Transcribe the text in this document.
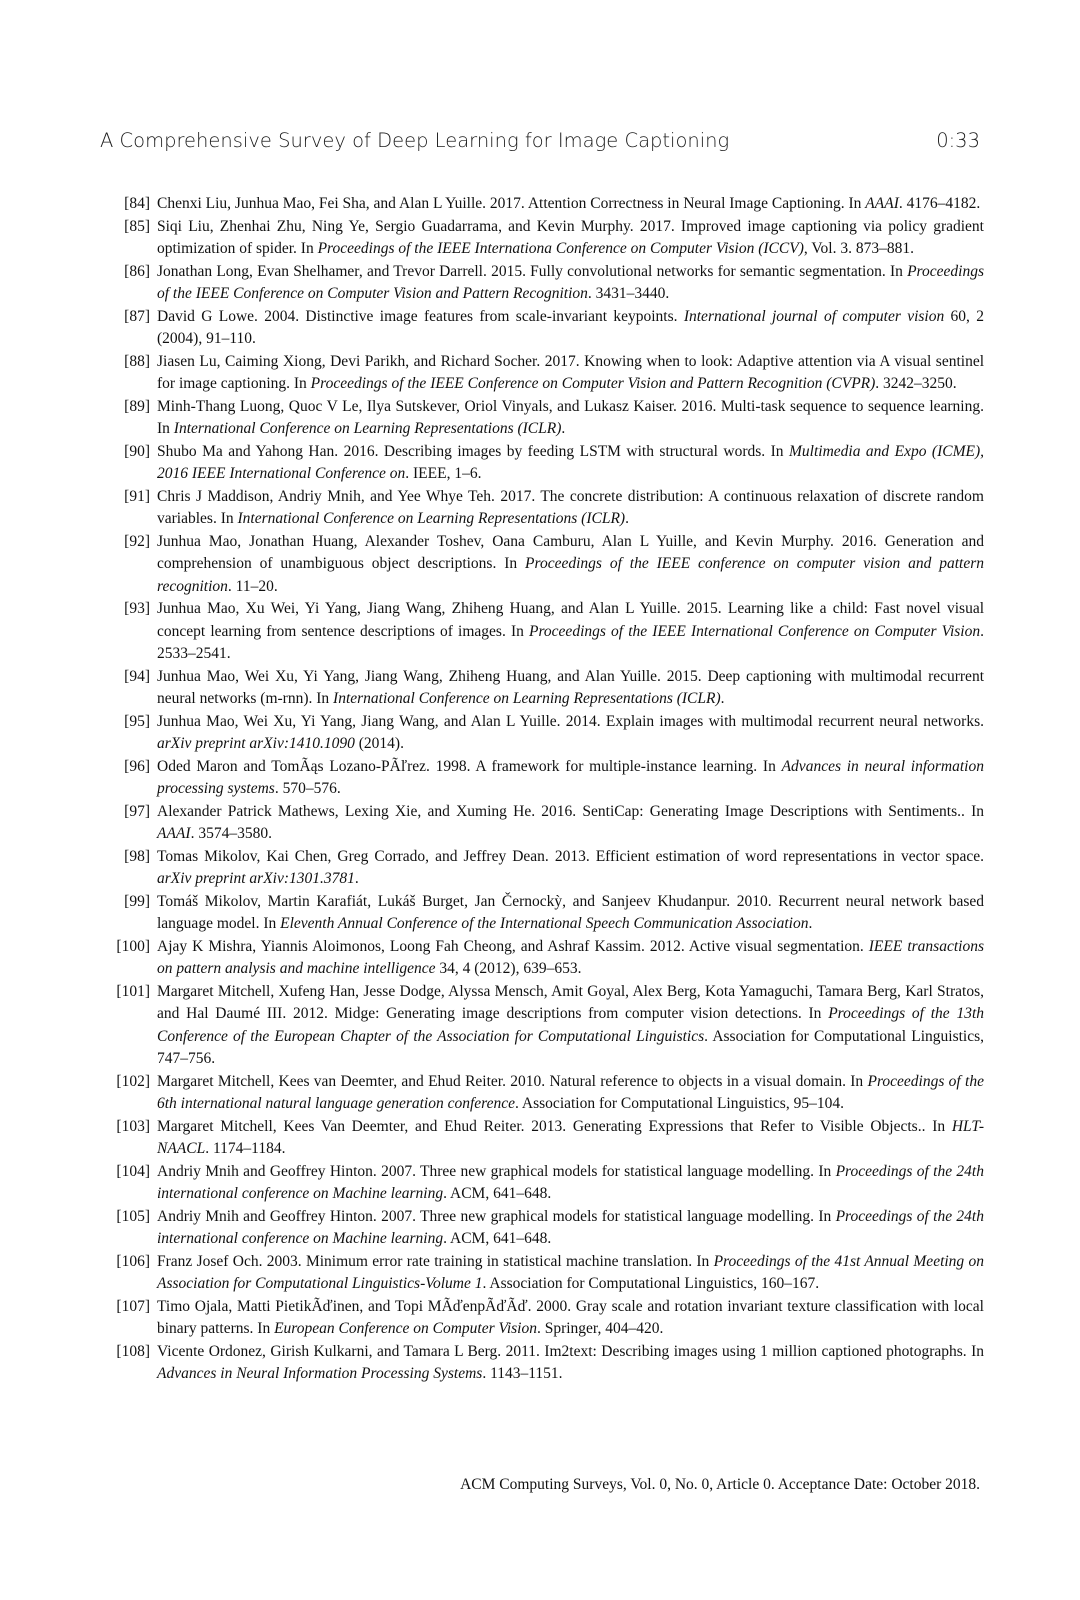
A Comprehensive Survey of Deep Learning for Image Captioning	0:33
[84] Chenxi Liu, Junhua Mao, Fei Sha, and Alan L Yuille. 2017. Attention Correctness in Neural Image Captioning. In AAAI. 4176–4182.
[85] Siqi Liu, Zhenhai Zhu, Ning Ye, Sergio Guadarrama, and Kevin Murphy. 2017. Improved image captioning via policy gradient optimization of spider. In Proceedings of the IEEE Internationa Conference on Computer Vision (ICCV), Vol. 3. 873–881.
[86] Jonathan Long, Evan Shelhamer, and Trevor Darrell. 2015. Fully convolutional networks for semantic segmentation. In Proceedings of the IEEE Conference on Computer Vision and Pattern Recognition. 3431–3440.
[87] David G Lowe. 2004. Distinctive image features from scale-invariant keypoints. International journal of computer vision 60, 2 (2004), 91–110.
[88] Jiasen Lu, Caiming Xiong, Devi Parikh, and Richard Socher. 2017. Knowing when to look: Adaptive attention via A visual sentinel for image captioning. In Proceedings of the IEEE Conference on Computer Vision and Pattern Recognition (CVPR). 3242–3250.
[89] Minh-Thang Luong, Quoc V Le, Ilya Sutskever, Oriol Vinyals, and Lukasz Kaiser. 2016. Multi-task sequence to sequence learning. In International Conference on Learning Representations (ICLR).
[90] Shubo Ma and Yahong Han. 2016. Describing images by feeding LSTM with structural words. In Multimedia and Expo (ICME), 2016 IEEE International Conference on. IEEE, 1–6.
[91] Chris J Maddison, Andriy Mnih, and Yee Whye Teh. 2017. The concrete distribution: A continuous relaxation of discrete random variables. In International Conference on Learning Representations (ICLR).
[92] Junhua Mao, Jonathan Huang, Alexander Toshev, Oana Camburu, Alan L Yuille, and Kevin Murphy. 2016. Generation and comprehension of unambiguous object descriptions. In Proceedings of the IEEE conference on computer vision and pattern recognition. 11–20.
[93] Junhua Mao, Xu Wei, Yi Yang, Jiang Wang, Zhiheng Huang, and Alan L Yuille. 2015. Learning like a child: Fast novel visual concept learning from sentence descriptions of images. In Proceedings of the IEEE International Conference on Computer Vision. 2533–2541.
[94] Junhua Mao, Wei Xu, Yi Yang, Jiang Wang, Zhiheng Huang, and Alan Yuille. 2015. Deep captioning with multimodal recurrent neural networks (m-rnn). In International Conference on Learning Representations (ICLR).
[95] Junhua Mao, Wei Xu, Yi Yang, Jiang Wang, and Alan L Yuille. 2014. Explain images with multimodal recurrent neural networks. arXiv preprint arXiv:1410.1090 (2014).
[96] Oded Maron and TomÃąs Lozano-PÃľrez. 1998. A framework for multiple-instance learning. In Advances in neural information processing systems. 570–576.
[97] Alexander Patrick Mathews, Lexing Xie, and Xuming He. 2016. SentiCap: Generating Image Descriptions with Sentiments.. In AAAI. 3574–3580.
[98] Tomas Mikolov, Kai Chen, Greg Corrado, and Jeffrey Dean. 2013. Efficient estimation of word representations in vector space. arXiv preprint arXiv:1301.3781.
[99] Tomáš Mikolov, Martin Karafiát, Lukáš Burget, Jan Černockỳ, and Sanjeev Khudanpur. 2010. Recurrent neural network based language model. In Eleventh Annual Conference of the International Speech Communication Association.
[100] Ajay K Mishra, Yiannis Aloimonos, Loong Fah Cheong, and Ashraf Kassim. 2012. Active visual segmentation. IEEE transactions on pattern analysis and machine intelligence 34, 4 (2012), 639–653.
[101] Margaret Mitchell, Xufeng Han, Jesse Dodge, Alyssa Mensch, Amit Goyal, Alex Berg, Kota Yamaguchi, Tamara Berg, Karl Stratos, and Hal Daumé III. 2012. Midge: Generating image descriptions from computer vision detections. In Proceedings of the 13th Conference of the European Chapter of the Association for Computational Linguistics. Association for Computational Linguistics, 747–756.
[102] Margaret Mitchell, Kees van Deemter, and Ehud Reiter. 2010. Natural reference to objects in a visual domain. In Proceedings of the 6th international natural language generation conference. Association for Computational Linguistics, 95–104.
[103] Margaret Mitchell, Kees Van Deemter, and Ehud Reiter. 2013. Generating Expressions that Refer to Visible Objects.. In HLT-NAACL. 1174–1184.
[104] Andriy Mnih and Geoffrey Hinton. 2007. Three new graphical models for statistical language modelling. In Proceedings of the 24th international conference on Machine learning. ACM, 641–648.
[105] Andriy Mnih and Geoffrey Hinton. 2007. Three new graphical models for statistical language modelling. In Proceedings of the 24th international conference on Machine learning. ACM, 641–648.
[106] Franz Josef Och. 2003. Minimum error rate training in statistical machine translation. In Proceedings of the 41st Annual Meeting on Association for Computational Linguistics-Volume 1. Association for Computational Linguistics, 160–167.
[107] Timo Ojala, Matti PietikÃďinen, and Topi MÃďenpÃďÃď. 2000. Gray scale and rotation invariant texture classification with local binary patterns. In European Conference on Computer Vision. Springer, 404–420.
[108] Vicente Ordonez, Girish Kulkarni, and Tamara L Berg. 2011. Im2text: Describing images using 1 million captioned photographs. In Advances in Neural Information Processing Systems. 1143–1151.
ACM Computing Surveys, Vol. 0, No. 0, Article 0. Acceptance Date: October 2018.
